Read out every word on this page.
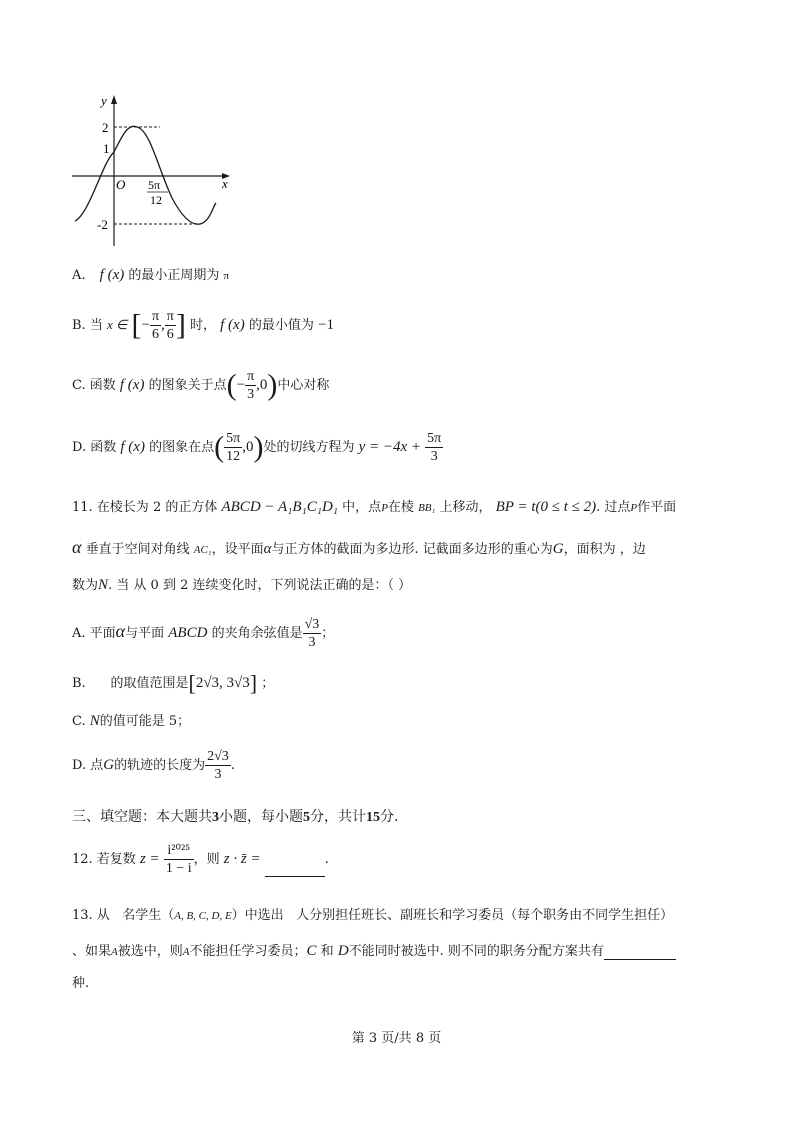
y
x
O
2
1
-2
5π
12
A. f (x) 的最小正周期为 π
B. 当 x ∈ [− $\frac{\pi}{6}$ , $\frac{\pi}{6}$ ] 时， f (x) 的最小值为 −1
C. 函数 f (x) 的图象关于点(− $\frac{\pi}{3} ,0$)中心对称
D. 函数 f (x) 的图象在点( $\frac{5\pi}{12} ,0$)处的切线方程为 $y = -4x + \frac{5\pi}{3}$
11. 在棱长为 2 的正方体 ABCD − A₁B₁C₁D₁ 中，点P在棱 BB₁ 上移动， BP = t(0 ≤ t ≤ 2). 过点P作平面
α 垂直于空间对角线 AC₁，设平面α与正方体的截面为多边形. 记截面多边形的重心为G，面积为 ，边
数为N. 当 从 0 到 2 连续变化时，下列说法正确的是：（ ）
A. 平面α与平面 ABCD 的夹角余弦值是 $\frac{√3}{3}$ ；
B.      的取值范围是[2√3, 3√3] ；
C. N的值可能是 5；
D. 点G的轨迹的长度为 $\frac{2√3}{3}$ .
三、填空题：本大题共3小题，每小题5分，共计15分.
12. 若复数 $z = \frac{\text{i²⁰²⁵}}{1 - i}$ ，则 z · z̄ =	.
13. 从   名学生（A, B, C, D, E）中选出   人分别担任班长、副班长和学习委员（每个职务由不同学生担任）
、如果A被选中，则A不能担任学习委员；C 和 D不能同时被选中. 则不同的职务分配方案共有
种.
第 3 页/共 8 页
